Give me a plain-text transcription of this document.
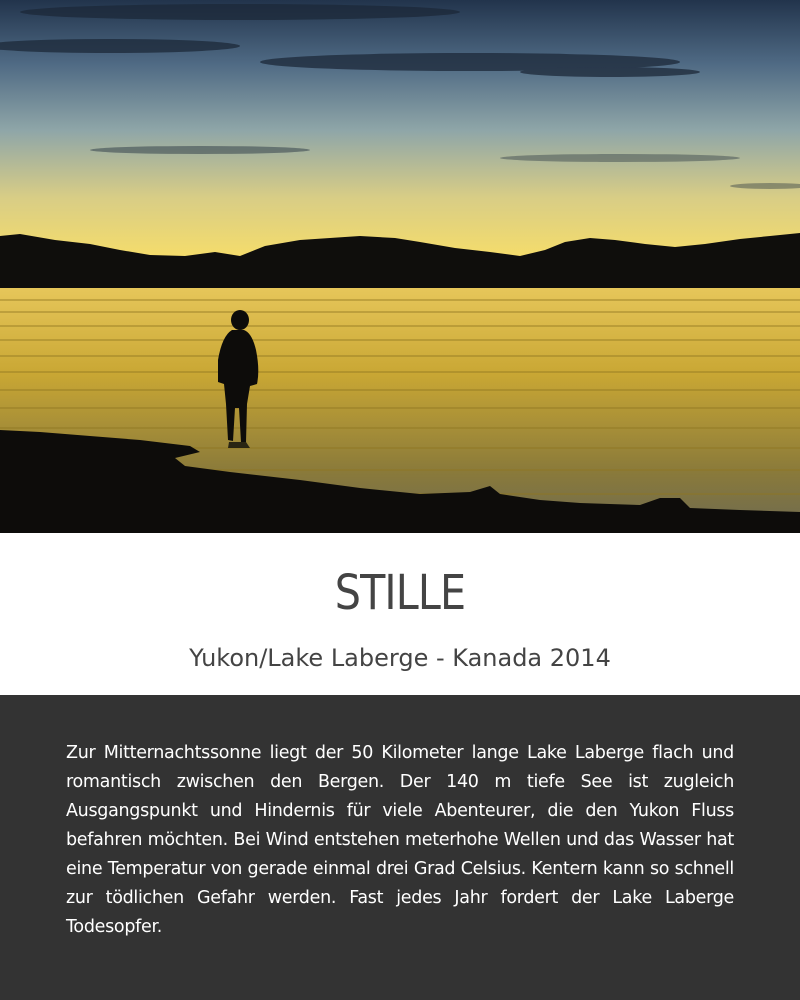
STILLE
Yukon/Lake Laberge - Kanada 2014

Zur Mitternachtssonne liegt der 50 Kilometer lange Lake Laberge flach und romantisch zwischen den Bergen. Der 140 m tiefe See ist zugleich Ausgangspunkt und Hindernis für viele Abenteurer, die den Yukon Fluss befahren möchten. Bei Wind entstehen meterhohe Wellen und das Wasser hat eine Temperatur von gerade einmal drei Grad Celsius. Kentern kann so schnell zur tödlichen Gefahr werden. Fast jedes Jahr fordert der Lake Laberge Todesopfer.
